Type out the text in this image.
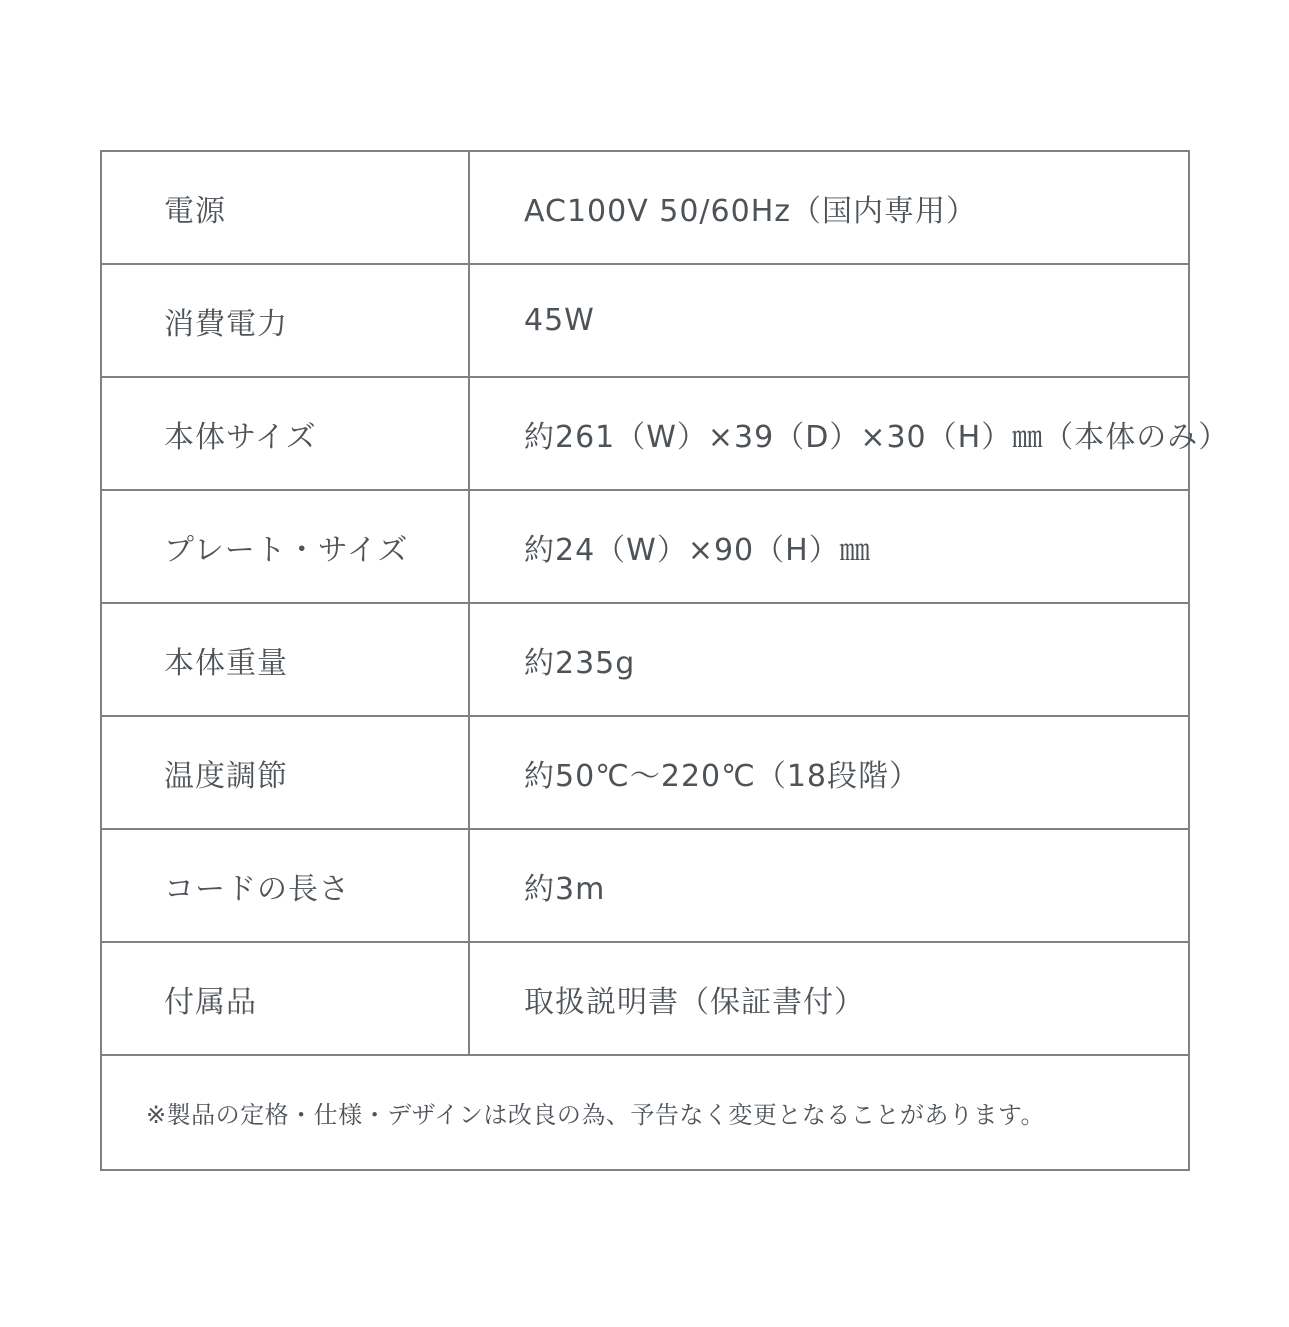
電源	AC100V 50/60Hz（国内専用）
消費電力	45W
本体サイズ	約261（W）×39（D）×30（H）㎜（本体のみ）
プレート・サイズ	約24（W）×90（H）㎜
本体重量	約235g
温度調節	約50℃～220℃（18段階）
コードの長さ	約3m
付属品	取扱説明書（保証書付）
※製品の定格・仕様・デザインは改良の為、予告なく変更となることがあります。	
